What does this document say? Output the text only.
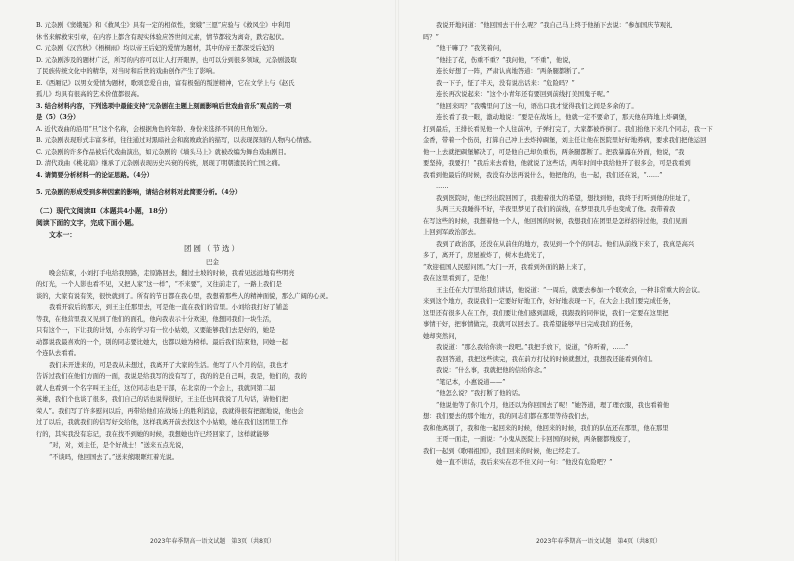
B. 元杂剧《窦娥冤》和《救风尘》具有一定的相似性，窦娥“三愿”应验与《救风尘》中利用
休书来解救宋引章，在内容上都含有现实体验应答世间元素，情节都较为离奇，跌宕起伏。
C. 元杂剧《汉宫秋》《梧桐雨》均以帝王后妃的爱情为题材，其中的帝王都深受后妃的
D. 元杂剧涉及的题材广泛，所写的内容可以让人打开眼界，也可以分到很多领域，元杂剧汲取
了民族传统文化中的精华，对当时和后世的戏曲创作产生了影响。
E.《西厢记》以男女爱情为题材，歌颂恋爱自由，富有极强的叛逆精神，它在文学上与《赵氏
孤儿》均具有很高的艺术价值都很高。
3. 结合材料内容，下列选项中最能支持“元杂剧在主题上刻画影响后世戏曲音乐”观点的一项
是（5）（3分）
A. 近代戏曲的沿用“旦”这个名称，会根据角色的年龄、身份来选择不同的旦角划分。
B. 元杂剧表现形式丰富多样，往往通过对黑暗社会和腐败政治的描写，以表现深刻的人物内心情感。
C. 元杂剧的许多作品被后代戏曲演出，如元杂剧的《墙头马上》就被改编为舞台戏曲剧目。
D. 清代戏曲《桃花扇》继承了元杂剧表现历史兴衰的传统，展现了明朝遗民的亡国之痛。
4. 请简要分析材料一的论证思路。（4分）
5. 元杂剧的形成受到多种因素的影响，请结合材料对此简要分析。（4分）
（二）现代文阅读Ⅱ（本题共4小题，18分）
阅读下面的文字，完成下面小题。
文本一：
团圆（节选）
巴金
晚会结束，小刘打手电给我照路，走原路回去，翻过土坡的时候，我看见远远地有些明亮
的灯光，一个人影也看不见，又把人家“这一样”，“不来要”，又往前走了，一路上我们是
谈的，大家有说有笑，很快就到了。所有的节日都在我心里，我想着那些人的精神面貌，那么广阔的心灵。
我看开寂后的那天，到王主任那里去，可是他一直在我们的营里。小刘给我打好了铺盖
等我，在他营里我又见到了他们的面孔，他向我表示十分欢迎，他想同我们一块生活，
只有这个一，下让我的计划，小东的学习有一位小姑娘，又要能够我们去是好的，她是
动都说我最喜欢的一个，别的同志要比她大，也都以她为榜样。最后我们结束他，同她一起
个连队去看看。
我们未开进来的，可是我从未想过，我离开了大家的生活。他写了八个月的信，我也才
告诉过我们在他们方面的一面，我说是给我写的没有写了，我的的是自己叫，我是，他们的，我的
就人也看到一个名字叫王主任，这位同志也是干部，在北京的一个会上，我就同第二届
英雄，我们个也谈了很多，我们自己的话也说得很好，王主任也同我说了几句话，请他们把
荣人”。我们写了许多慰问以后，再带给他们在战场上的胜利消息，我就得很有把握地说，他也会
过了以后，我就我们的信写好交给他，这样我离开前去找这个小姑娘，她在我们这团里工作
行的，其实我没有忘记，我在找不到她的时候，我想她也许已经回家了，这样就能够
“对，对，刘主任，是个好战士！”送来五点光说，
“不谈吗，他回国去了。”送来熊眼眶红着光说。
2023年春季期高一语文试题　第3页（共8页）
我说开地问道：“他回国去干什么呢？”我自己马上终于他插下去说：“参加国庆节观礼
吗？”
“他干嘛了？”我笑着问，
“他挂了花，伤重不重？”我问他，“不重”，他说，
连长好想了一阵，严肃认真地答道：“两条腿都断了。”
我一下子，怔了半天，没有说出话来：“危险吗？”
连长再次说起来：“这个小青年还有要回到前线打美国鬼子呢。”
“他回来吗？”我嘴里问了这一句，语出口我才觉得我们之间是多余的了。
连长看了我一眼，激动地说：“要是在战场上，他就一定不要命了，那天他在阵地上炸碉堡，
打到最后，王排长看见他一个人往前冲，子弹打完了，大家都被炸倒了。我们抬他下来几个同志，我一下
金香，带着一个伤员，打算自己冲上去炸掉碉堡，刘主任让他在医院里好好地养病，要求我们把他运回
他一上去就把碉堡解决了，可是他自己却负重伤，两条腿都断了。把我暴露在外面，他说，“我
要坚持，我要打！”我后来去看他，他就说了这些话，两年时间中我给他开了很多会，可是我看到
我看到他最后的时候，我没有办法再说什么，他把他的，也一起，我们还在说，“……”
……
我到医院时，他已经出院回国了，我抱着很大的希望，想找到他，我终于打听到他的住址了，
头两三天我睡得不好，半夜里梦见了我们的前线，在梦里我几乎也变成了他。我带着我
在写这些的时候，我想着他一个人，他回国的时候，我想我们在团里是怎样招待过他，我们见面
上回到军政治部去。
我到了政治部，还没在从前住的地方，我见到一个个的同志。他们从前线下来了，我真是高兴
多了，离开了，房屋被炸了，树木也烧光了，
“欢迎祖国人民慰问团。”大门一开，我看到外面的路上来了，
我在这里看到了，是他！
王主任在大厅里给我们讲话，他说道：“一周后，就要去参加一个联欢会，一种非常重大的会议。
来到这个地方，我说我们一定要好好地工作，好好地表现一下，在大会上我们要完成任务，
这里还有很多人在工作，我们要让他们感到温暖，我跟我的同伴说，我们一定要在这里把
事情干好，把事情做完，我就可以回去了。我希望能够早日完成我们的任务，
她却突然问，
我说道：“那么我给你读一段吧。”我把手放下，说道，“你听着，……”
我回答道，我把这些读完，我在前方打仗的时候就想过，我想我还能看到你们。
我说：“什么事，我就把他的信给你念。”
“笔记本，小惠说道——”
“他怎么说？”我打断了他的话。
“他说他等了你几个月，他还以为你回国去了呢！”她答道，理了理衣服，我也看着他
想：我们要去的那个地方，我的同志们都在那里等待我们去，
我和他离别了，我和他一起回来的时候，他回来的时候，我们的队伍还在那里，他在那里
王哥一面走，一面说：“小鬼从医院上卡回国的时候，两条腿都残废了，
我们一起到《歌唱祖国》，我们回来的时候，他已经走了。
她一直不讲话，我后来实在忍不住又问一句：“他没有危险吧？”
2023年春季期高一语文试题　第4页（共8页）
